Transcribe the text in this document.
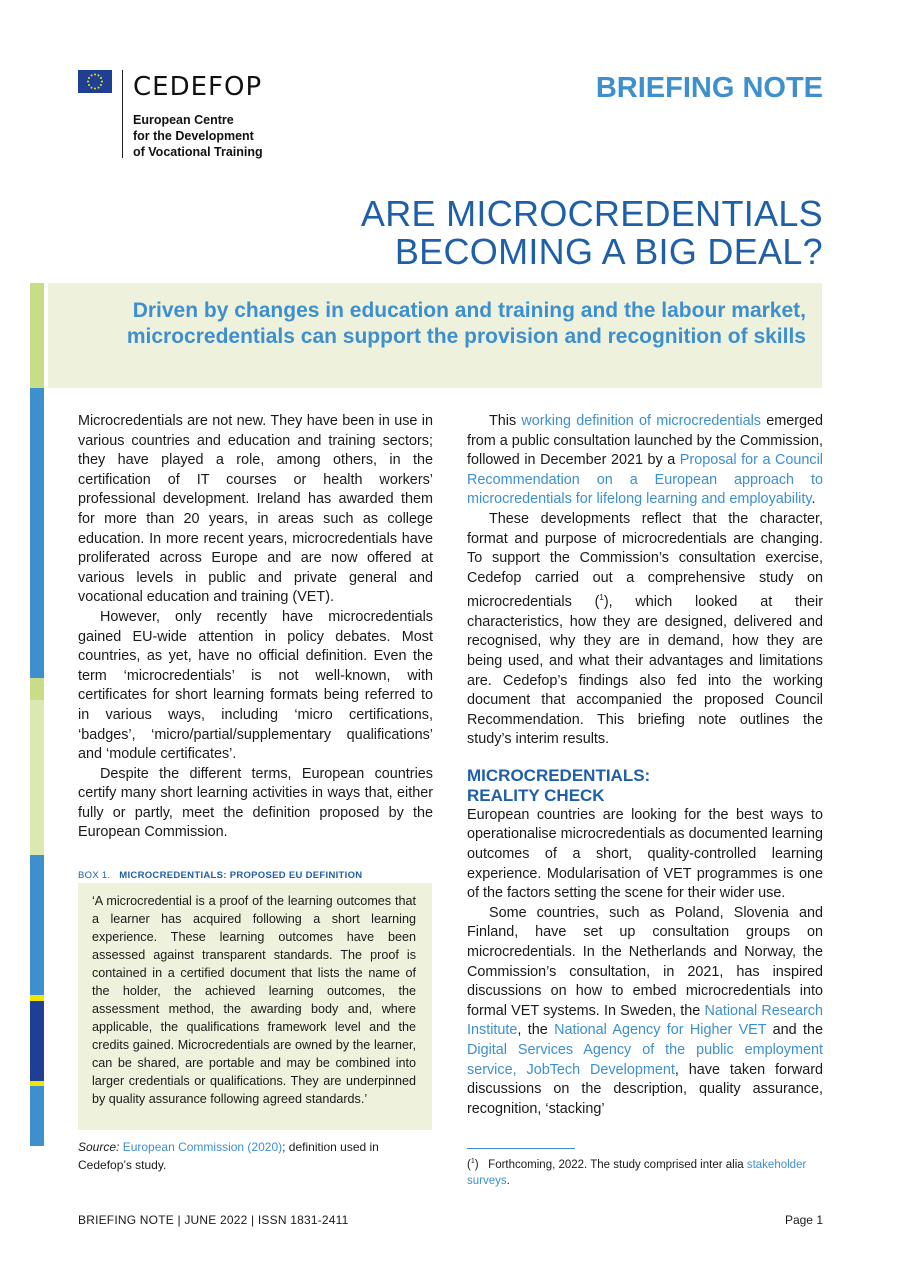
CEDEFOP
European Centre
for the Development
of Vocational Training
BRIEFING NOTE
ARE MICROCREDENTIALS
BECOMING A BIG DEAL?
Driven by changes in education and training and the labour market, microcredentials can support the provision and recognition of skills

Microcredentials are not new. They have been in use in various countries and education and training sectors; they have played a role, among others, in the certification of IT courses or health workers’ professional development. Ireland has awarded them for more than 20 years, in areas such as college education. In more recent years, microcredentials have proliferated across Europe and are now offered at various levels in public and private general and vocational education and training (VET).

However, only recently have microcredentials gained EU-wide attention in policy debates. Most countries, as yet, have no official definition. Even the term ‘microcredentials’ is not well-known, with certificates for short learning formats being referred to in various ways, including ‘micro certifications, ‘badges’, ‘micro/partial/supplementary qualifications’ and ‘module certificates’.

Despite the different terms, European countries certify many short learning activities in ways that, either fully or partly, meet the definition proposed by the European Commission.

BOX 1. MICROCREDENTIALS: PROPOSED EU DEFINITION
‘A microcredential is a proof of the learning outcomes that a learner has acquired following a short learning experience. These learning outcomes have been assessed against transparent standards. The proof is contained in a certified document that lists the name of the holder, the achieved learning outcomes, the assessment method, the awarding body and, where applicable, the qualifications framework level and the credits gained. Microcredentials are owned by the learner, can be shared, are portable and may be combined into larger credentials or qualifications. They are underpinned by quality assurance following agreed standards.’
Source: European Commission (2020); definition used in Cedefop’s study.

This working definition of microcredentials emerged from a public consultation launched by the Commission, followed in December 2021 by a Proposal for a Council Recommendation on a European approach to microcredentials for lifelong learning and employability.

These developments reflect that the character, format and purpose of microcredentials are changing. To support the Commission’s consultation exercise, Cedefop carried out a comprehensive study on microcredentials ($^1$), which looked at their characteristics, how they are designed, delivered and recognised, why they are in demand, how they are being used, and what their advantages and limitations are. Cedefop’s findings also fed into the working document that accompanied the proposed Council Recommendation. This briefing note outlines the study’s interim results.

MICROCREDENTIALS:
REALITY CHECK

European countries are looking for the best ways to operationalise microcredentials as documented learning outcomes of a short, quality-controlled learning experience. Modularisation of VET programmes is one of the factors setting the scene for their wider use.

Some countries, such as Poland, Slovenia and Finland, have set up consultation groups on microcredentials. In the Netherlands and Norway, the Commission’s consultation, in 2021, has inspired discussions on how to embed microcredentials into formal VET systems. In Sweden, the National Research Institute, the National Agency for Higher VET and the Digital Services Agency of the public employment service, JobTech Development, have taken forward discussions on the description, quality assurance, recognition, ‘stacking’

($^1$)   Forthcoming, 2022. The study comprised inter alia stakeholder surveys.
BRIEFING NOTE | JUNE 2022 | ISSN 1831-2411	Page 1
